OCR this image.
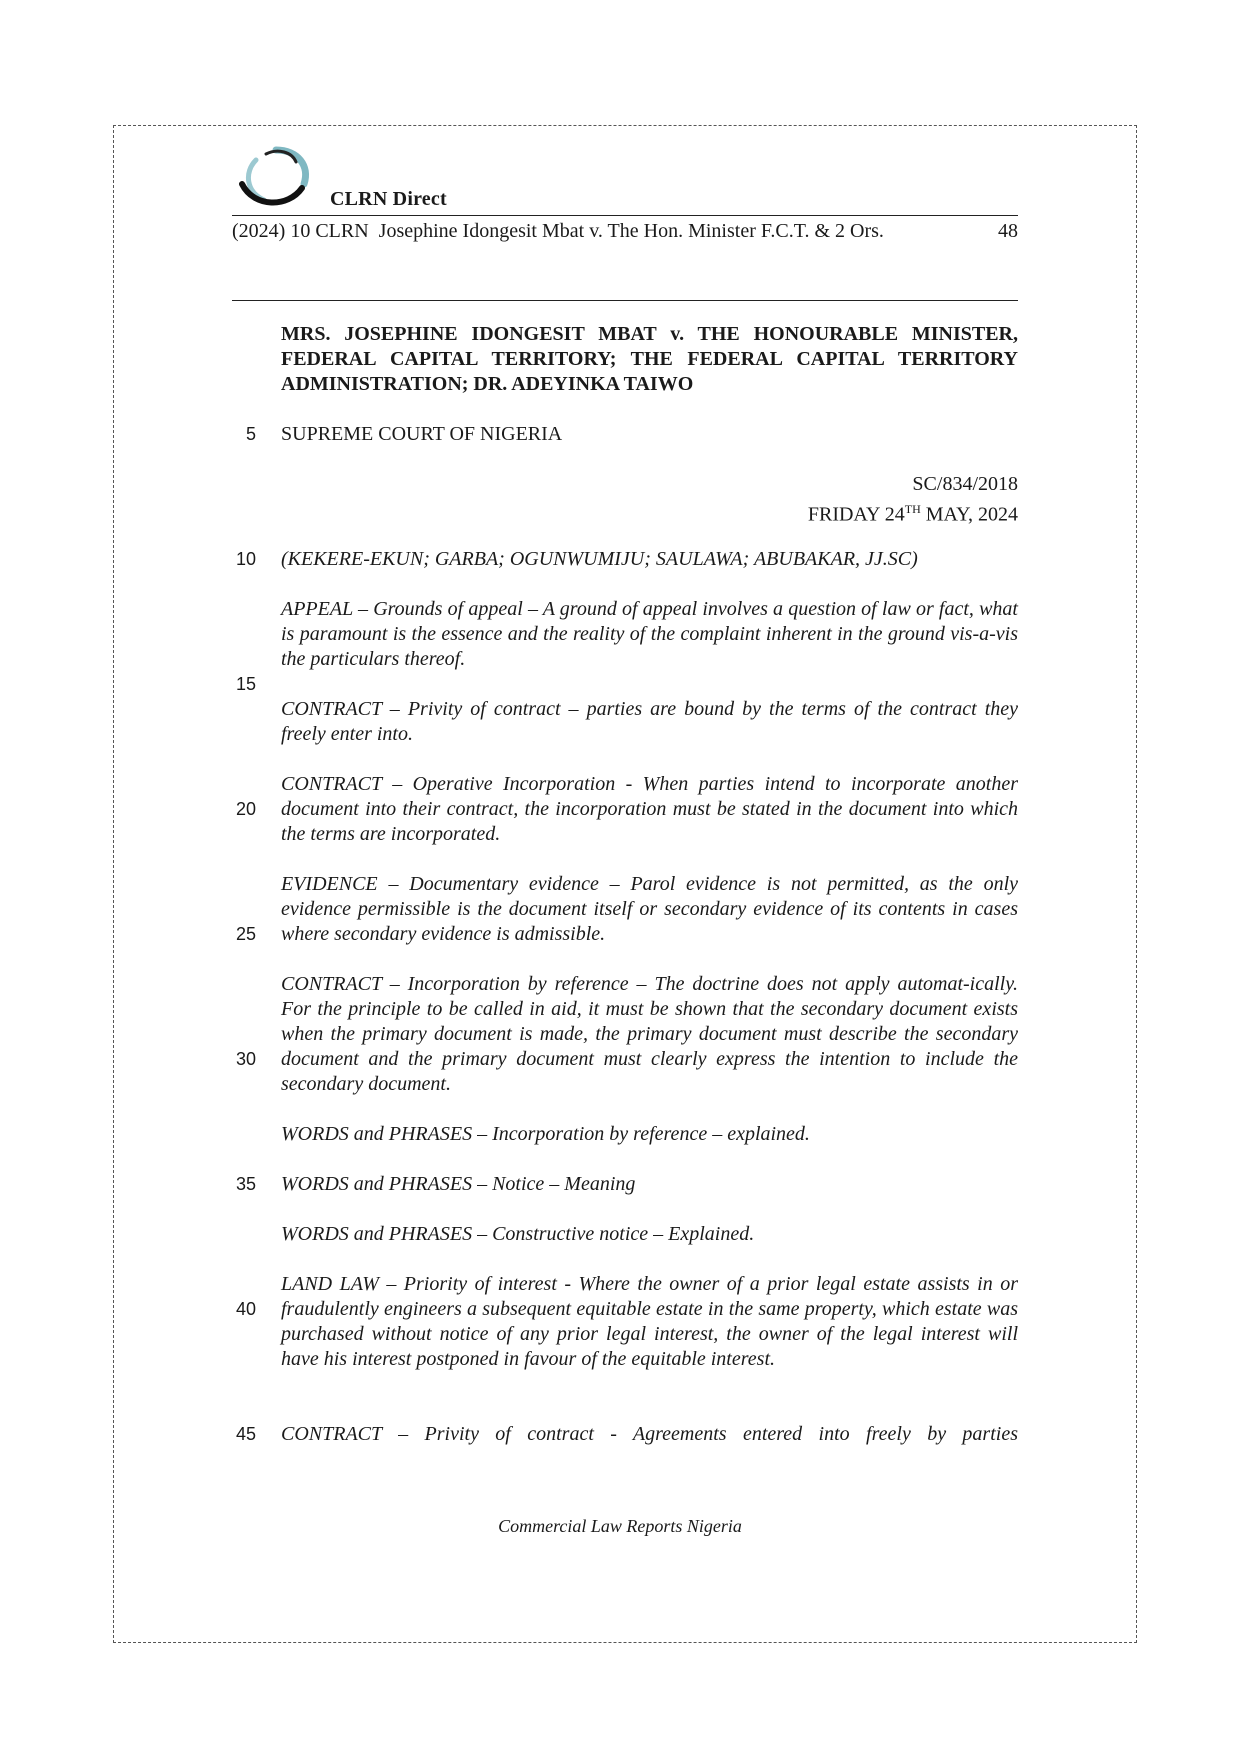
CLRN Direct
(2024) 10 CLRN Josephine Idongesit Mbat v. The Hon. Minister F.C.T. & 2 Ors.	48
MRS. JOSEPHINE IDONGESIT MBAT v. THE HONOURABLE MINISTER, FEDERAL CAPITAL TERRITORY; THE FEDERAL CAPITAL TERRITORY ADMINISTRATION; DR. ADEYINKA TAIWO
SUPREME COURT OF NIGERIA
SC/834/2018
FRIDAY 24TH MAY, 2024
(KEKERE-EKUN; GARBA; OGUNWUMIJU; SAULAWA; ABUBAKAR, JJ.SC)
APPEAL – Grounds of appeal – A ground of appeal involves a question of law or fact, what is paramount is the essence and the reality of the complaint inherent in the ground vis-a-vis the particulars thereof.
CONTRACT – Privity of contract – parties are bound by the terms of the contract they freely enter into.
CONTRACT – Operative Incorporation - When parties intend to incorporate another document into their contract, the incorporation must be stated in the document into which the terms are incorporated.
EVIDENCE – Documentary evidence – Parol evidence is not permitted, as the only evidence permissible is the document itself or secondary evidence of its contents in cases where secondary evidence is admissible.
CONTRACT – Incorporation by reference – The doctrine does not apply automat-ically. For the principle to be called in aid, it must be shown that the secondary document exists when the primary document is made, the primary document must describe the secondary document and the primary document must clearly express the intention to include the secondary document.
WORDS and PHRASES – Incorporation by reference – explained.
WORDS and PHRASES – Notice – Meaning
WORDS and PHRASES – Constructive notice – Explained.
LAND LAW – Priority of interest - Where the owner of a prior legal estate assists in or fraudulently engineers a subsequent equitable estate in the same property, which estate was purchased without notice of any prior legal interest, the owner of the legal interest will have his interest postponed in favour of the equitable interest.
CONTRACT – Privity of contract - Agreements entered into freely by parties
5
10
15
20
25
30
35
40
45
Commercial Law Reports Nigeria
